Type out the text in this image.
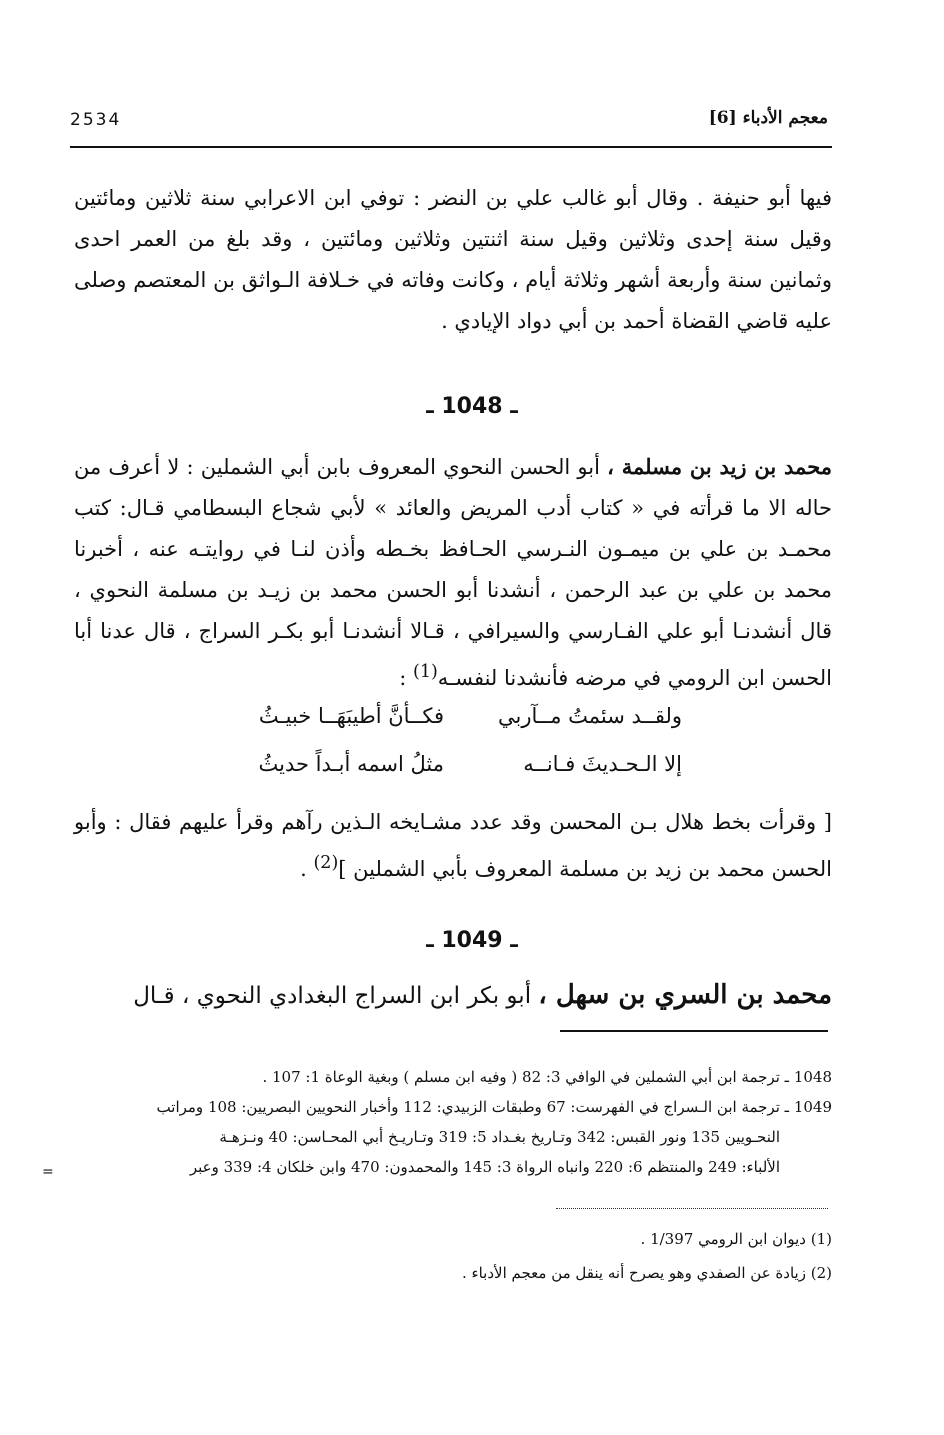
2534	معجم الأدباء [6]
فيها أبو حنيفة . وقال أبو غالب علي بن النضر : توفي ابن الاعرابي سنة ثلاثين ومائتين وقيل سنة إحدى وثلاثين وقيل سنة اثنتين وثلاثين ومائتين ، وقد بلغ من العمر احدى وثمانين سنة وأربعة أشهر وثلاثة أيام ، وكانت وفاته في خـلافة الـواثق بن المعتصم وصلى عليه قاضي القضاة أحمد بن أبي دواد الإيادي .
ـ 1048 ـ
محمد بن زيد بن مسلمة ، أبو الحسن النحوي المعروف بابن أبي الشملين : لا أعرف من حاله الا ما قرأته في « كتاب أدب المريض والعائد » لأبي شجاع البسطامي قـال: كتب محمـد بن علي بن ميمـون النـرسي الحـافظ بخـطه وأذن لنـا في روايتـه عنه ، أخبرنا محمد بن علي بن عبد الرحمن ، أنشدنا أبو الحسن محمد بن زيـد بن مسلمة النحوي ، قال أنشدنـا أبو علي الفـارسي والسيرافي ، قـالا أنشدنـا أبو بكـر السراج ، قال عدنا أبا الحسن ابن الرومي في مرضه فأنشدنا لنفسـه$^{(1)}$ :
ولقــد سئمتُ مــآربي
فكــأنَّ أطيبَهَــا خبيـثُ
إلا الـحـديثَ فـانــه
مثلُ اسمه أبـداً حديثُ
[ وقرأت بخط هلال بـن المحسن وقد عدد مشـايخه الـذين رآهم وقرأ عليهم فقال : وأبو الحسن محمد بن زيد بن مسلمة المعروف بأبي الشملين ]$^{(2)}$ .
ـ 1049 ـ
محمد بن السري بن سهل ، أبو بكر ابن السراج البغدادي النحوي ، قـال
1048 ـ ترجمة ابن أبي الشملين في الوافي 3: 82 ( وفيه ابن مسلم ) وبغية الوعاة 1: 107 .
1049 ـ ترجمة ابن الـسراج في الفهرست: 67 وطبقات الزبيدي: 112 وأخبار النحويين البصريين: 108 ومراتب
النحـويين 135 ونور القبس: 342 وتـاريخ بغـداد 5: 319 وتـاريـخ أبي المحـاسن: 40 ونـزهـة
الألباء: 249 والمنتظم 6: 220 وانباه الرواة 3: 145 والمحمدون: 470 وابن خلكان 4: 339 وعبر
=
(1) ديوان ابن الرومي 1/397 .
(2) زيادة عن الصفدي وهو يصرح أنه ينقل من معجم الأدباء .
